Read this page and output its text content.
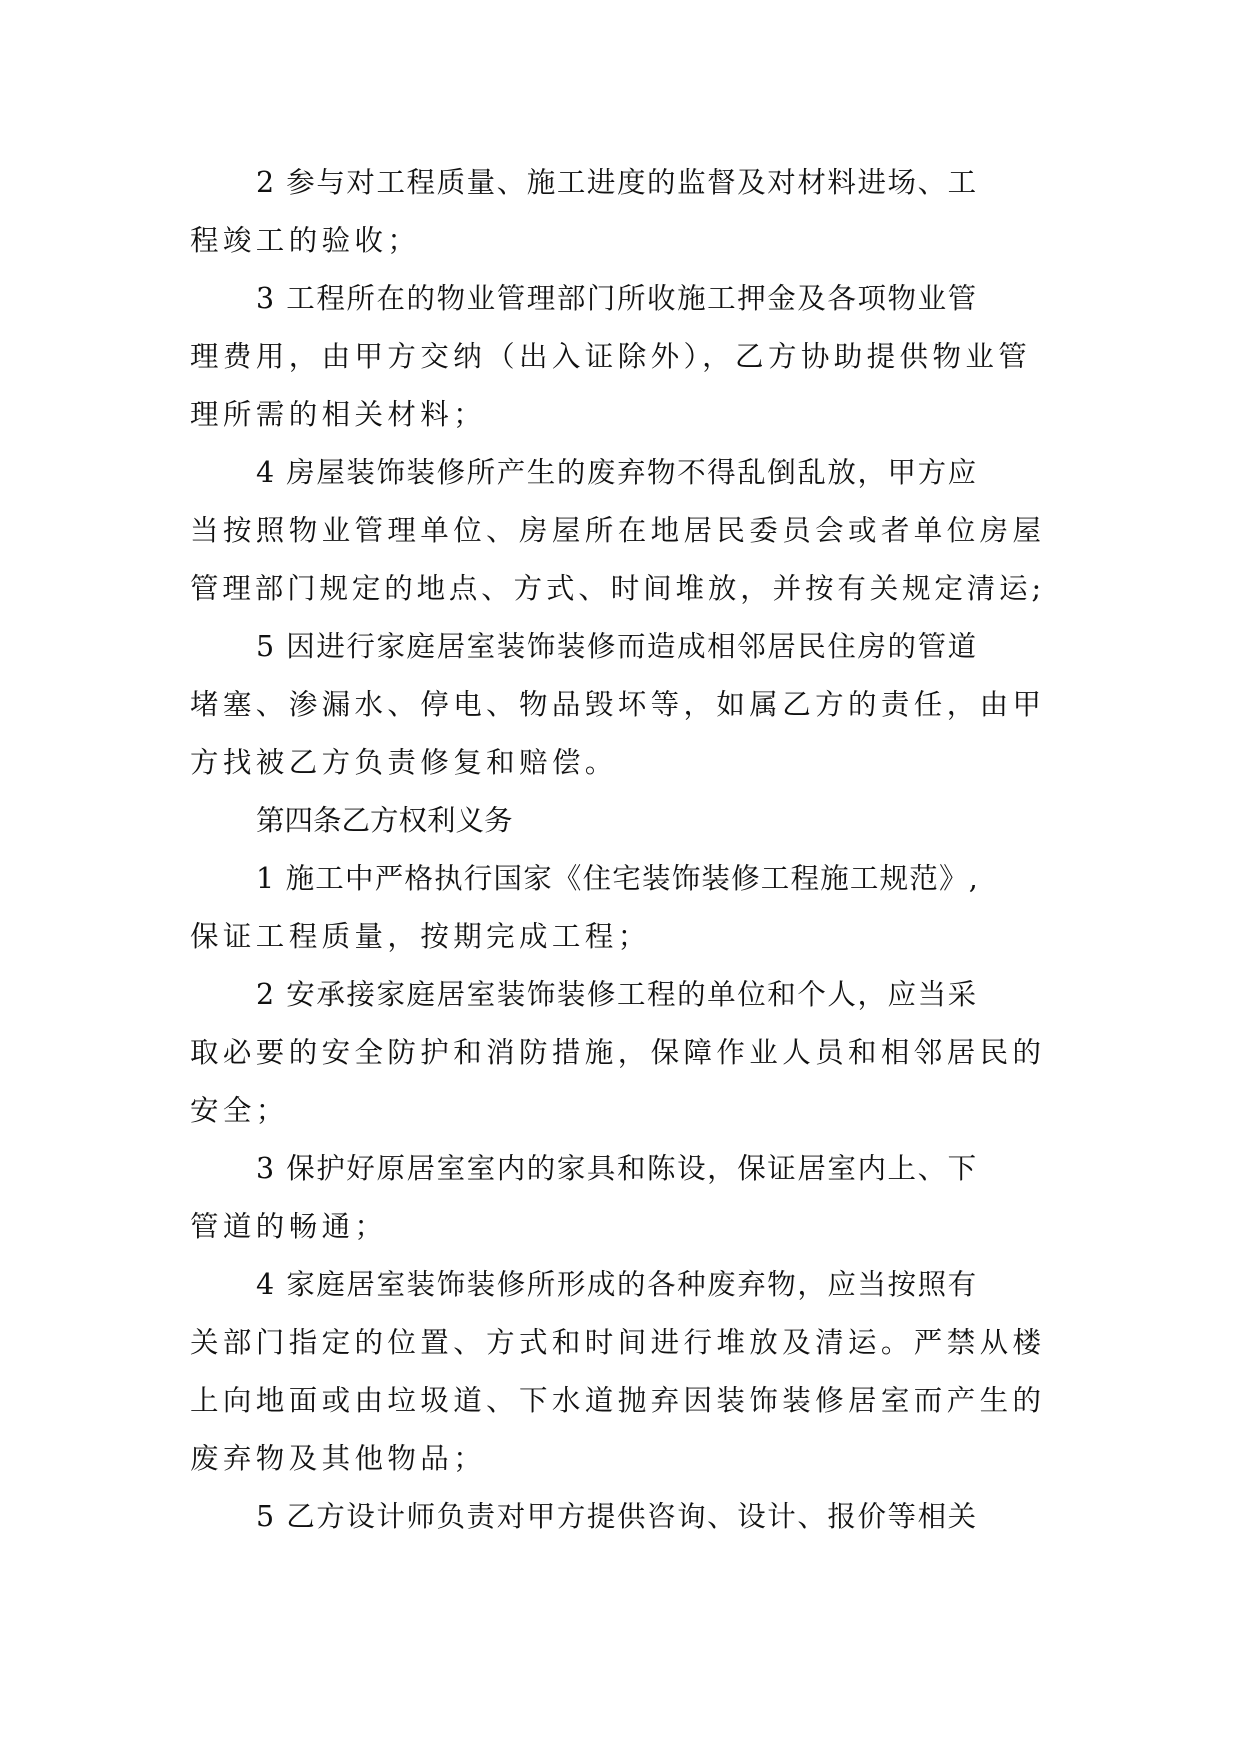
2 参与对工程质量、施工进度的监督及对材料进场、工
程竣工的验收；

3 工程所在的物业管理部门所收施工押金及各项物业管
理费用，由甲方交纳（出入证除外），乙方协助提供物业管
理所需的相关材料；

4 房屋装饰装修所产生的废弃物不得乱倒乱放，甲方应
当按照物业管理单位、房屋所在地居民委员会或者单位房屋
管理部门规定的地点、方式、时间堆放，并按有关规定清运;

5 因进行家庭居室装饰装修而造成相邻居民住房的管道
堵塞、渗漏水、停电、物品毁坏等，如属乙方的责任，由甲
方找被乙方负责修复和赔偿。

第四条乙方权利义务

1 施工中严格执行国家《住宅装饰装修工程施工规范》,
保证工程质量，按期完成工程；

2 安承接家庭居室装饰装修工程的单位和个人，应当采
取必要的安全防护和消防措施，保障作业人员和相邻居民的
安全；

3 保护好原居室室内的家具和陈设，保证居室内上、下
管道的畅通；

4 家庭居室装饰装修所形成的各种废弃物，应当按照有
关部门指定的位置、方式和时间进行堆放及清运。严禁从楼
上向地面或由垃圾道、下水道抛弃因装饰装修居室而产生的
废弃物及其他物品；

5 乙方设计师负责对甲方提供咨询、设计、报价等相关
